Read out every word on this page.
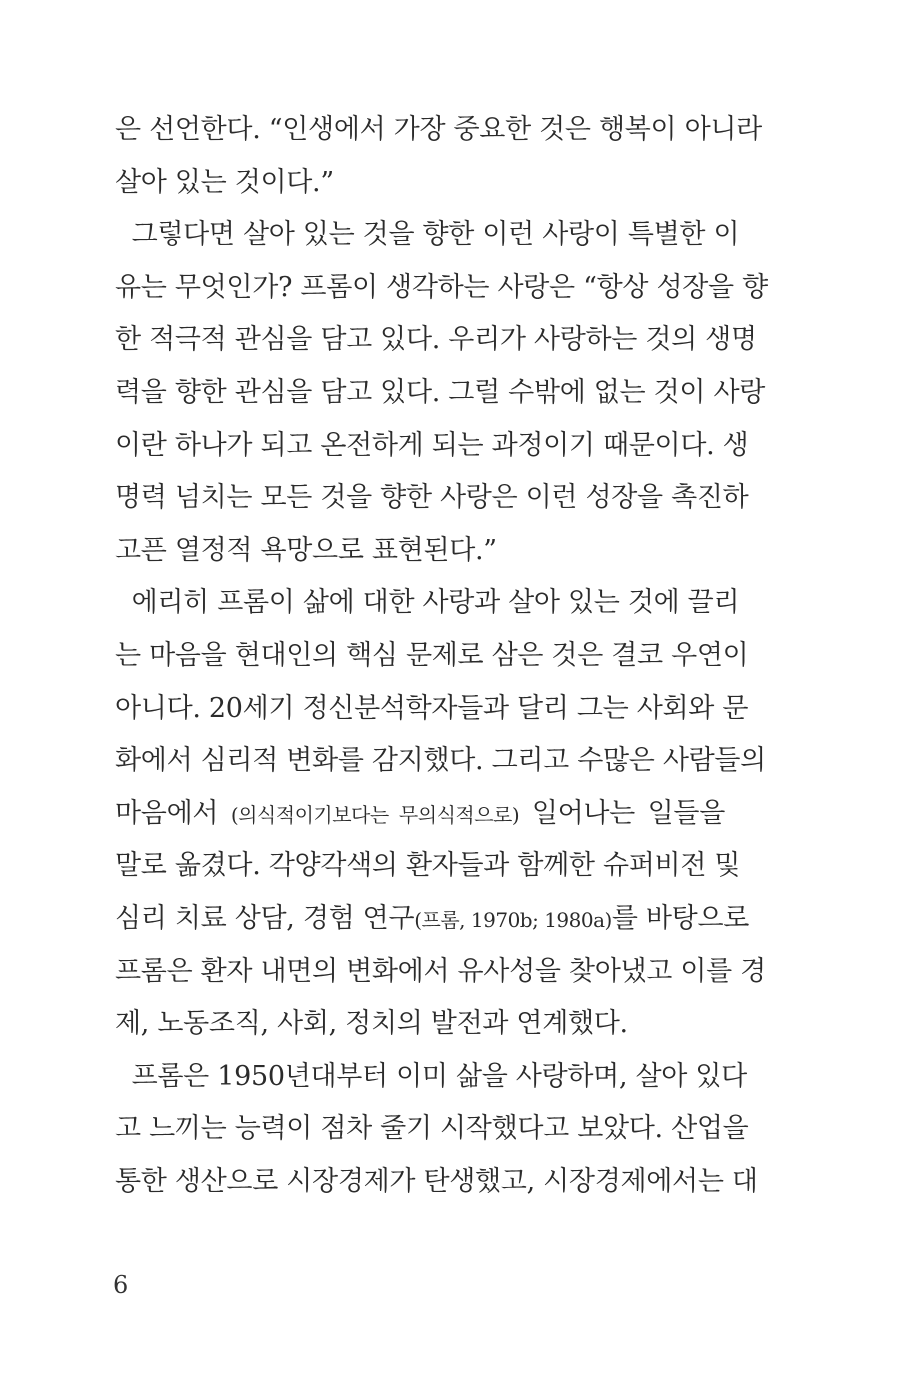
은 선언한다. “인생에서 가장 중요한 것은 행복이 아니라
살아 있는 것이다.”
그렇다면 살아 있는 것을 향한 이런 사랑이 특별한 이
유는 무엇인가? 프롬이 생각하는 사랑은 “항상 성장을 향
한 적극적 관심을 담고 있다. 우리가 사랑하는 것의 생명
력을 향한 관심을 담고 있다. 그럴 수밖에 없는 것이 사랑
이란 하나가 되고 온전하게 되는 과정이기 때문이다. 생
명력 넘치는 모든 것을 향한 사랑은 이런 성장을 촉진하
고픈 열정적 욕망으로 표현된다.”
에리히 프롬이 삶에 대한 사랑과 살아 있는 것에 끌리
는 마음을 현대인의 핵심 문제로 삼은 것은 결코 우연이
아니다. 20세기 정신분석학자들과 달리 그는 사회와 문
화에서 심리적 변화를 감지했다. 그리고 수많은 사람들의
마음에서 (의식적이기보다는 무의식적으로) 일어나는 일들을
말로 옮겼다. 각양각색의 환자들과 함께한 슈퍼비전 및
심리 치료 상담, 경험 연구(프롬, 1970b; 1980a)를 바탕으로
프롬은 환자 내면의 변화에서 유사성을 찾아냈고 이를 경
제, 노동조직, 사회, 정치의 발전과 연계했다.
프롬은 1950년대부터 이미 삶을 사랑하며, 살아 있다
고 느끼는 능력이 점차 줄기 시작했다고 보았다. 산업을
통한 생산으로 시장경제가 탄생했고, 시장경제에서는 대
6
